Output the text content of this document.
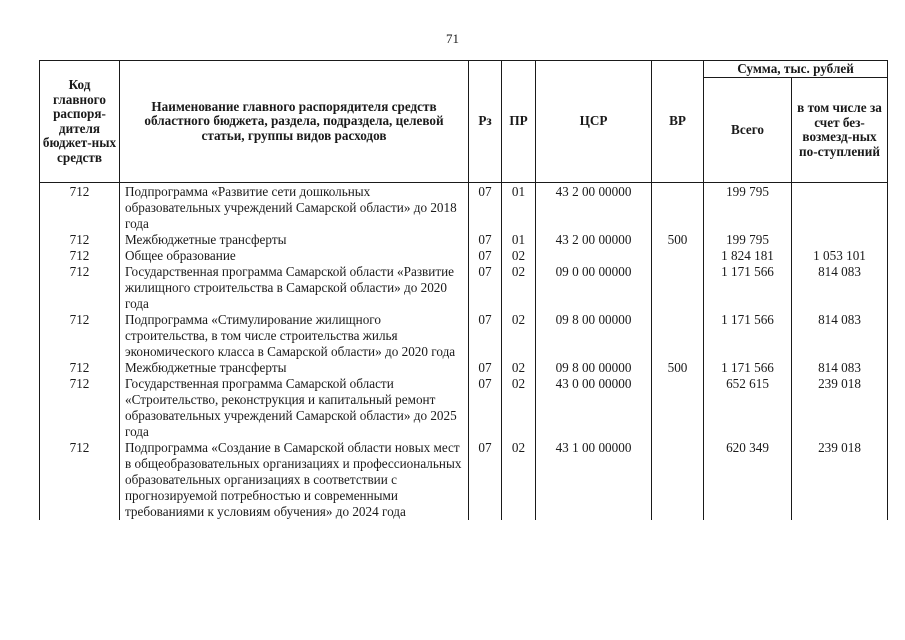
71
Код главного распоря-дителя бюджет-ных средств	Наименование главного распорядителя средств областного бюджета, раздела, подраздела, целевой статьи, группы видов расходов	Рз	ПР	ЦСР	ВР	Сумма, тыс. рублей	
						Всего	в том числе за счет без-возмезд-ных по-ступлений
712	Подпрограмма «Развитие сети дошкольных образовательных учреждений Самарской области» до 2018 года	07	01	43 2 00 00000		199 795	
712	Межбюджетные трансферты	07	01	43 2 00 00000	500	199 795	
712	Общее образование	07	02			1 824 181	1 053 101
712	Государственная программа Самарской области «Развитие жилищного строительства в Самарской области» до 2020 года	07	02	09 0 00 00000		1 171 566	814 083
712	Подпрограмма «Стимулирование жилищного строительства, в том числе строительства жилья экономического класса в Самарской области» до 2020 года	07	02	09 8 00 00000		1 171 566	814 083
712	Межбюджетные трансферты	07	02	09 8 00 00000	500	1 171 566	814 083
712	Государственная программа Самарской области «Строительство, реконструкция и капитальный ремонт образовательных учреждений Самарской области» до 2025 года	07	02	43 0 00 00000		652 615	239 018
712	Подпрограмма «Создание в Самарской области новых мест в общеобразовательных организациях и профессиональных образовательных организациях в соответствии с прогнозируемой потребностью и современными требованиями к условиям обучения» до 2024 года	07	02	43 1 00 00000		620 349	239 018
